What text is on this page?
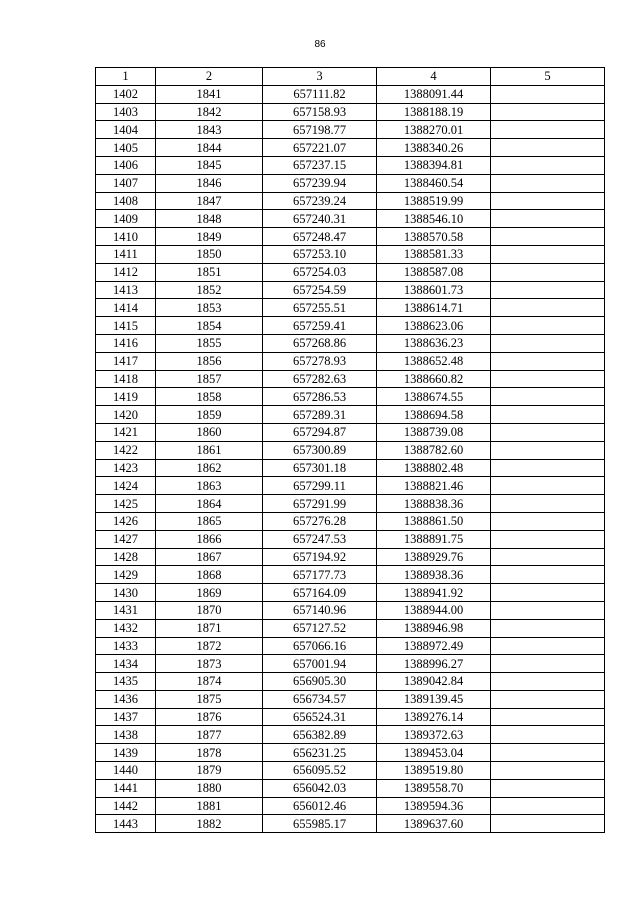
86
1	2	3	4	5
1402	1841	657111.82	1388091.44	
1403	1842	657158.93	1388188.19	
1404	1843	657198.77	1388270.01	
1405	1844	657221.07	1388340.26	
1406	1845	657237.15	1388394.81	
1407	1846	657239.94	1388460.54	
1408	1847	657239.24	1388519.99	
1409	1848	657240.31	1388546.10	
1410	1849	657248.47	1388570.58	
1411	1850	657253.10	1388581.33	
1412	1851	657254.03	1388587.08	
1413	1852	657254.59	1388601.73	
1414	1853	657255.51	1388614.71	
1415	1854	657259.41	1388623.06	
1416	1855	657268.86	1388636.23	
1417	1856	657278.93	1388652.48	
1418	1857	657282.63	1388660.82	
1419	1858	657286.53	1388674.55	
1420	1859	657289.31	1388694.58	
1421	1860	657294.87	1388739.08	
1422	1861	657300.89	1388782.60	
1423	1862	657301.18	1388802.48	
1424	1863	657299.11	1388821.46	
1425	1864	657291.99	1388838.36	
1426	1865	657276.28	1388861.50	
1427	1866	657247.53	1388891.75	
1428	1867	657194.92	1388929.76	
1429	1868	657177.73	1388938.36	
1430	1869	657164.09	1388941.92	
1431	1870	657140.96	1388944.00	
1432	1871	657127.52	1388946.98	
1433	1872	657066.16	1388972.49	
1434	1873	657001.94	1388996.27	
1435	1874	656905.30	1389042.84	
1436	1875	656734.57	1389139.45	
1437	1876	656524.31	1389276.14	
1438	1877	656382.89	1389372.63	
1439	1878	656231.25	1389453.04	
1440	1879	656095.52	1389519.80	
1441	1880	656042.03	1389558.70	
1442	1881	656012.46	1389594.36	
1443	1882	655985.17	1389637.60	
